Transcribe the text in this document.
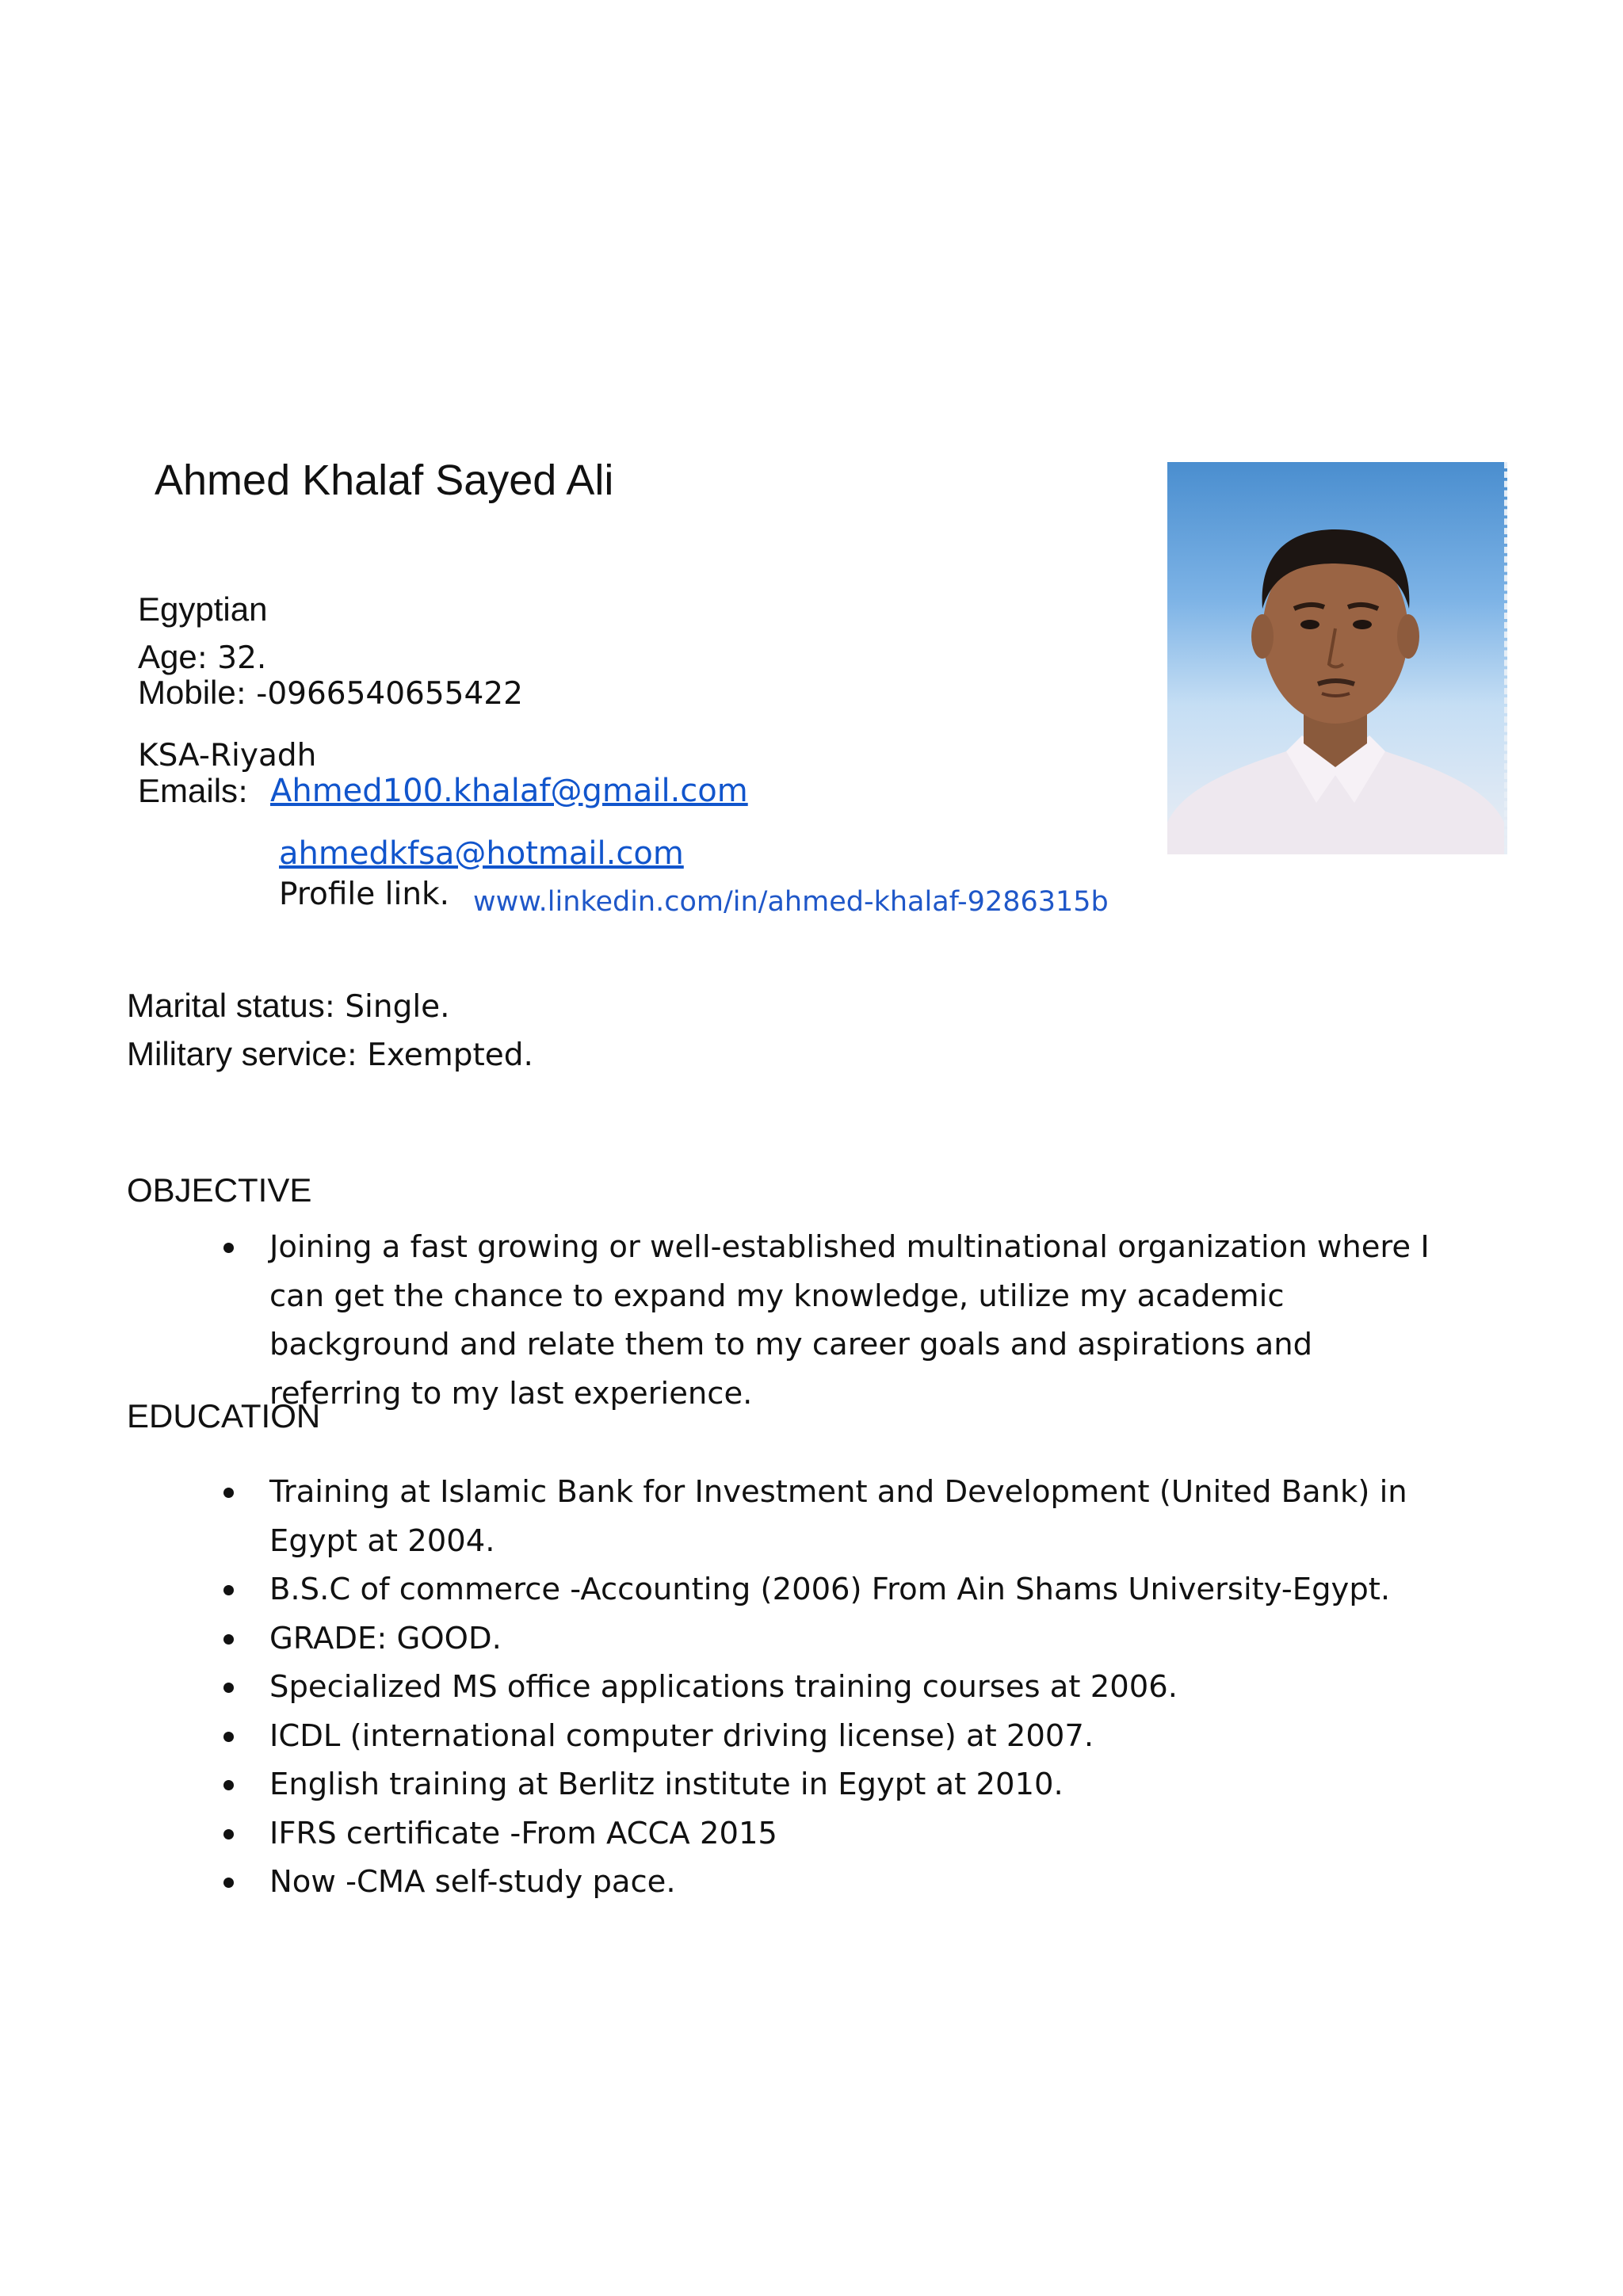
Ahmed Khalaf Sayed Ali
Egyptian
Age: 32.
Mobile: -0966540655422
KSA-Riyadh
Emails: Ahmed100.khalaf@gmail.com
ahmedkfsa@hotmail.com
Profile link. www.linkedin.com/in/ahmed-khalaf-9286315b
Marital status: Single.
Military service: Exempted.
OBJECTIVE
Joining a fast growing or well-established multinational organization where I can get the chance to expand my knowledge, utilize my academic background and relate them to my career goals and aspirations and referring to my last experience.
EDUCATION
Training at Islamic Bank for Investment and Development (United Bank) in Egypt at 2004.
B.S.C of commerce -Accounting (2006) From Ain Shams University-Egypt.
GRADE: GOOD.
Specialized MS office applications training courses at 2006.
ICDL (international computer driving license) at 2007.
English training at Berlitz institute in Egypt at 2010.
IFRS certificate -From ACCA 2015
Now -CMA self-study pace.
